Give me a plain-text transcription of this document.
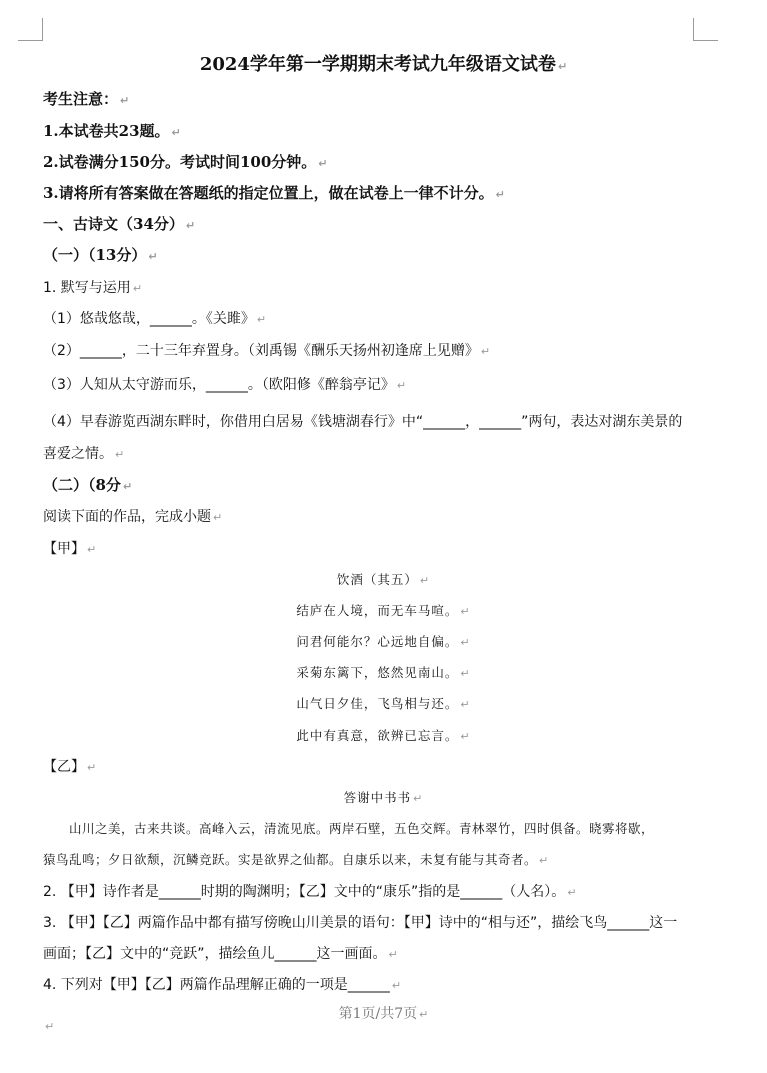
2024学年第一学期期末考试九年级语文试卷 ↵
考生注意： ↵
1.本试卷共23题。 ↵
2.试卷满分150分。考试时间100分钟。 ↵
3.请将所有答案做在答题纸的指定位置上，做在试卷上一律不计分。 ↵
一、古诗文（34分） ↵
（一）（13分） ↵
1. 默写与运用 ↵
（1）悠哉悠哉，______。《关雎》 ↵
（2）______，二十三年弃置身。（刘禹锡《酬乐天扬州初逢席上见赠》 ↵
（3）人知从太守游而乐，______。（欧阳修《醉翁亭记》 ↵
（4）早春游览西湖东畔时，你借用白居易《钱塘湖春行》中“______，______”两句，表达对湖东美景的
喜爱之情。 ↵
（二）（8分 ↵
阅读下面的作品，完成小题 ↵
【甲】 ↵
饮酒（其五） ↵
结庐在人境，而无车马喧。 ↵
问君何能尔？心远地自偏。 ↵
采菊东篱下，悠然见南山。 ↵
山气日夕佳，飞鸟相与还。 ↵
此中有真意，欲辨已忘言。 ↵
【乙】 ↵
答谢中书书 ↵
　　山川之美，古来共谈。高峰入云，清流见底。两岸石壁，五色交辉。青林翠竹，四时俱备。晓雾将歇，
猿鸟乱鸣；夕日欲颓，沉鳞竞跃。实是欲界之仙都。自康乐以来，未复有能与其奇者。 ↵
2. 【甲】诗作者是______时期的陶渊明；【乙】文中的“康乐”指的是______（人名）。 ↵
3. 【甲】【乙】两篇作品中都有描写傍晚山川美景的语句：【甲】诗中的“相与还”，描绘飞鸟______这一
画面；【乙】文中的“竞跃”，描绘鱼儿______这一画面。 ↵
4. 下列对【甲】【乙】两篇作品理解正确的一项是______ ↵
第1页/共7页 ↵
↵
